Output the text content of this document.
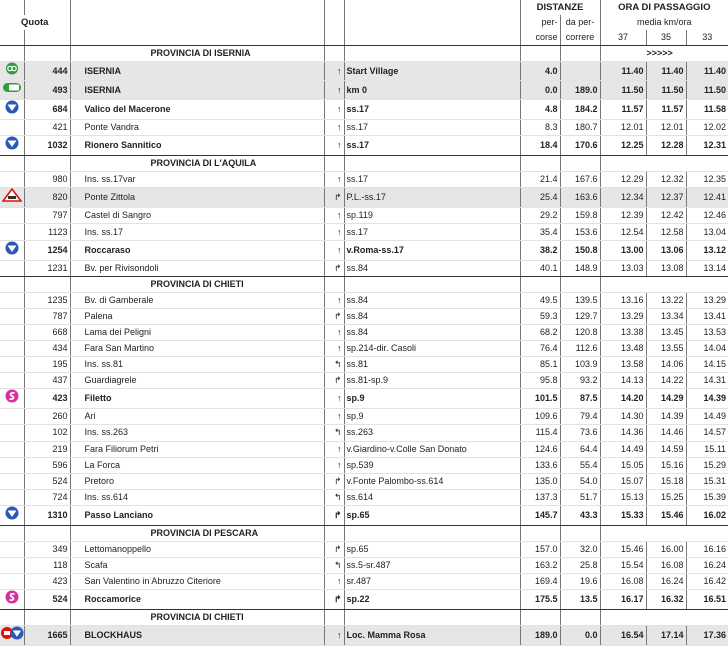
					DISTANZE		ORA DI PASSAGGIO		
Quota					per-	da per-	media km/ora		
					corse	correre	37	35	33
		PROVINCIA DI ISERNIA					>>>>>		
	444	ISERNIA	↑	Start Village	4.0		11.40	11.40	11.40
	493	ISERNIA	↑	km 0	0.0	189.0	11.50	11.50	11.50
	684	Valico del Macerone	↑	ss.17	4.8	184.2	11.57	11.57	11.58
	421	Ponte Vandra	↑	ss.17	8.3	180.7	12.01	12.01	12.02
	1032	Rionero Sannitico	↑	ss.17	18.4	170.6	12.25	12.28	12.31
		PROVINCIA DI L'AQUILA							
	980	Ins. ss.17var	↑	ss.17	21.4	167.6	12.29	12.32	12.35
	820	Ponte Zittola	↱	P.L.-ss.17	25.4	163.6	12.34	12.37	12.41
	797	Castel di Sangro	↑	sp.119	29.2	159.8	12.39	12.42	12.46
	1123	Ins. ss.17	↑	ss.17	35.4	153.6	12.54	12.58	13.04
	1254	Roccaraso	↑	v.Roma-ss.17	38.2	150.8	13.00	13.06	13.12
	1231	Bv. per Rivisondoli	↱	ss.84	40.1	148.9	13.03	13.08	13.14
		PROVINCIA DI CHIETI							
	1235	Bv. di Gamberale	↑	ss.84	49.5	139.5	13.16	13.22	13.29
	787	Palena	↱	ss.84	59.3	129.7	13.29	13.34	13.41
	668	Lama dei Peligni	↑	ss.84	68.2	120.8	13.38	13.45	13.53
	434	Fara San Martino	↑	sp.214-dir. Casoli	76.4	112.6	13.48	13.55	14.04
	195	Ins. ss.81	↰	ss.81	85.1	103.9	13.58	14.06	14.15
	437	Guardiagrele	↱	ss.81-sp.9	95.8	93.2	14.13	14.22	14.31
	423	Filetto	↑	sp.9	101.5	87.5	14.20	14.29	14.39
	260	Ari	↑	sp.9	109.6	79.4	14.30	14.39	14.49
	102	Ins. ss.263	↰	ss.263	115.4	73.6	14.36	14.46	14.57
	219	Fara Filiorum Petri	↑	v.Giardino-v.Colle San Donato	124.6	64.4	14.49	14.59	15.11
	596	La Forca	↑	sp.539	133.6	55.4	15.05	15.16	15.29
	524	Pretoro	↱	v.Fonte Palombo-ss.614	135.0	54.0	15.07	15.18	15.31
	724	Ins. ss.614	↰	ss.614	137.3	51.7	15.13	15.25	15.39
	1310	Passo Lanciano	↱	sp.65	145.7	43.3	15.33	15.46	16.02
		PROVINCIA DI PESCARA							
	349	Lettomanoppello	↱	sp.65	157.0	32.0	15.46	16.00	16.16
	118	Scafa	↰	ss.5-sr.487	163.2	25.8	15.54	16.08	16.24
	423	San Valentino in Abruzzo Citeriore	↑	sr.487	169.4	19.6	16.08	16.24	16.42
	524	Roccamorice	↱	sp.22	175.5	13.5	16.17	16.32	16.51
		PROVINCIA DI CHIETI							
	1665	BLOCKHAUS	↑	Loc. Mamma Rosa	189.0	0.0	16.54	17.14	17.36
